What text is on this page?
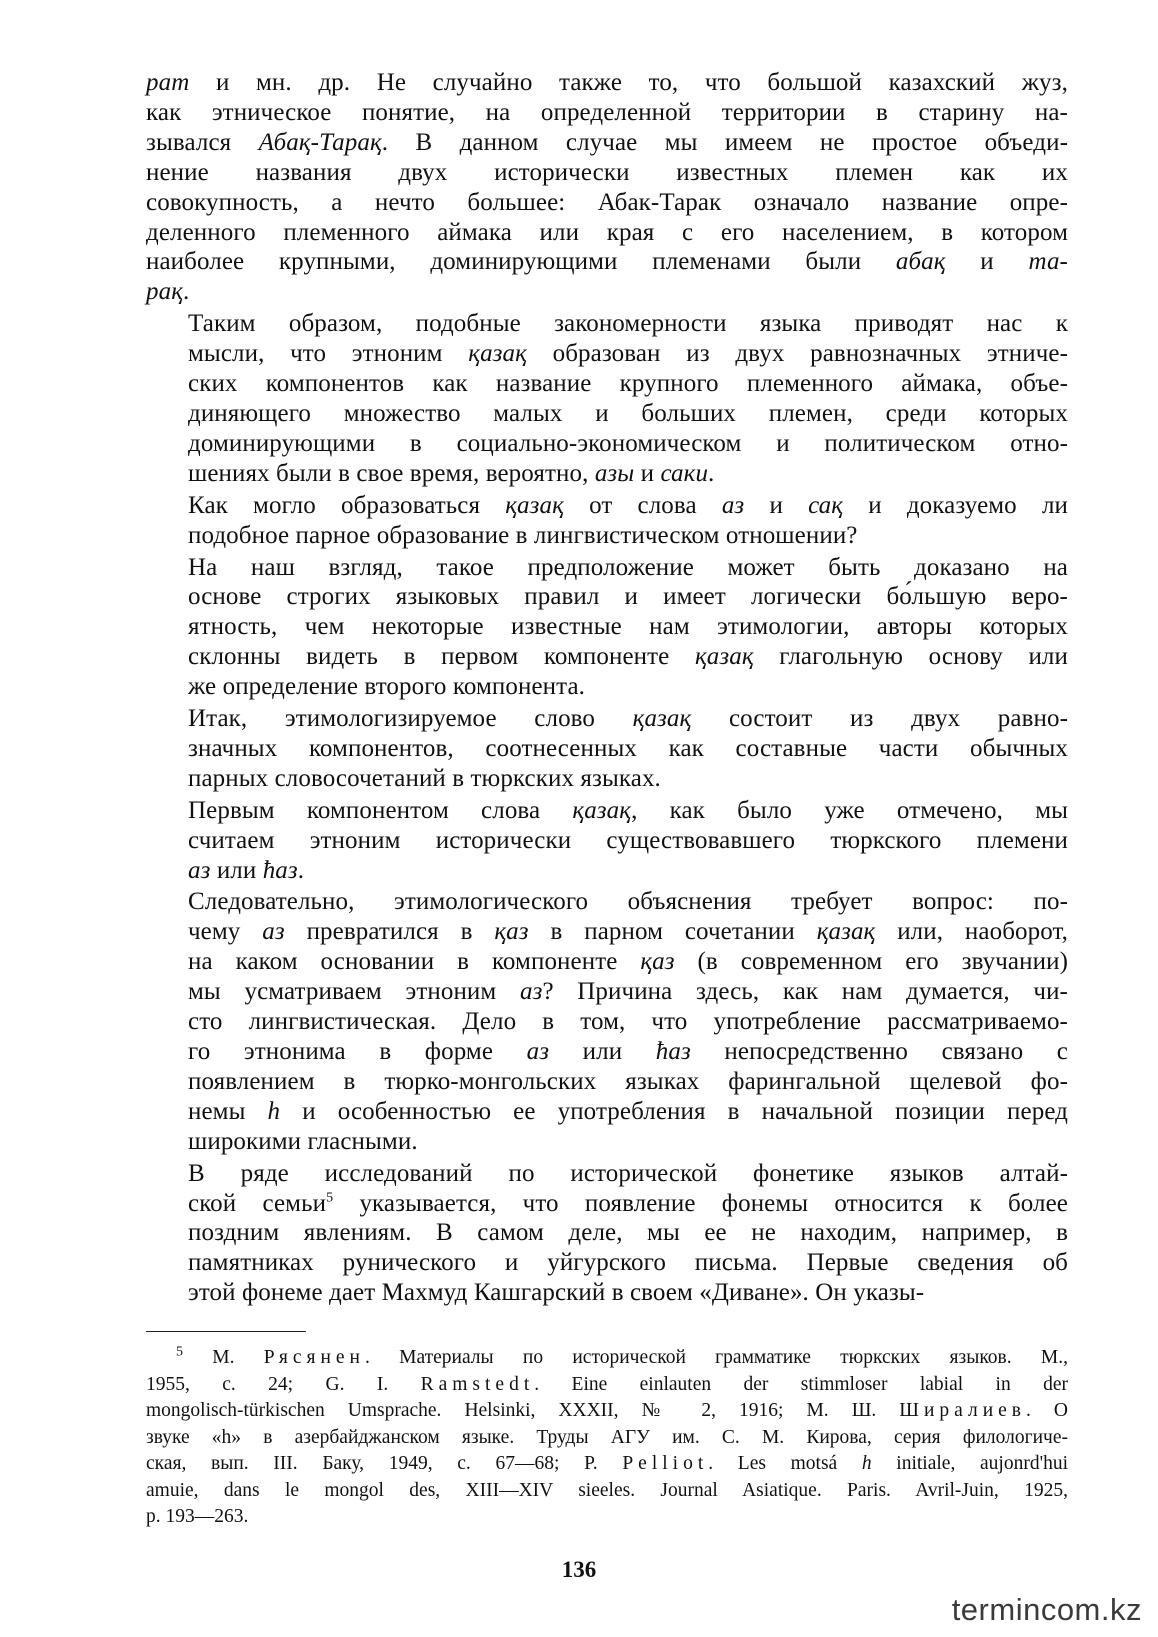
рат и мн. др. Не случайно также то, что большой казахский жуз,
как этническое понятие, на определенной территории в старину на-
зывался Абақ-Тарақ. В данном случае мы имеем не простое объеди-
нение названия двух исторически известных племен как их
совокупность, а нечто большее: Абак-Тарак означало название опре-
деленного племенного аймака или края с его населением, в котором
наиболее крупными, доминирующими племенами были абақ и та-
рақ.

Таким образом, подобные закономерности языка приводят нас к
мысли, что этноним қазақ образован из двух равнозначных этниче-
ских компонентов как название крупного племенного аймака, объе-
диняющего множество малых и больших племен, среди которых
доминирующими в социально-экономическом и политическом отно-
шениях были в свое время, вероятно, азы и саки.

Как могло образоваться қазақ от слова аз и сақ и доказуемо ли
подобное парное образование в лингвистическом отношении?

На наш взгляд, такое предположение может быть доказано на
основе строгих языковых правил и имеет логически бо́льшую веро-
ятность, чем некоторые известные нам этимологии, авторы которых
склонны видеть в первом компоненте қазақ глагольную основу или
же определение второго компонента.

Итак, этимологизируемое слово қазақ состоит из двух равно-
значных компонентов, соотнесенных как составные части обычных
парных словосочетаний в тюркских языках.

Первым компонентом слова қазақ, как было уже отмечено, мы
считаем этноним исторически существовавшего тюркского племени
аз или ħаз.

Следовательно, этимологического объяснения требует вопрос: по-
чему аз превратился в қаз в парном сочетании қазақ или, наоборот,
на каком основании в компоненте қаз (в современном его звучании)
мы усматриваем этноним аз? Причина здесь, как нам думается, чи-
сто лингвистическая. Дело в том, что употребление рассматриваемо-
го этнонима в форме аз или ħаз непосредственно связано с
появлением в тюрко-монгольских языках фарингальной щелевой фо-
немы h и особенностью ее употребления в начальной позиции перед
широкими гласными.

В ряде исследований по исторической фонетике языков алтай-
ской семьи$^5$ указывается, что появление фонемы относится к более
поздним явлениям. В самом деле, мы ее не находим, например, в
памятниках рунического и уйгурского письма. Первые сведения об
этой фонеме дает Махмуд Кашгарский в своем «Диване». Он указы-

$^5$ М. Рясянен. Материалы по исторической грамматике тюркских языков. М.,
1955, с. 24; G. I. Ramstedt. Eine einlauten der stimmloser labial in der
mongolisch-türkischen Umsprache. Helsinki, XXXII, № 2, 1916; М. Ш. Ширалиев. О
звуке «h» в азербайджанском языке. Труды АГУ им. С. М. Кирова, серия филологиче-
ская, вып. III. Баку, 1949, с. 67—68; P. Pelliot. Les motsá h initiale, aujonrd'hui
amuie, dans le mongol des, XIII—XIV sieeles. Journal Asiatique. Paris. Avril-Juin, 1925,
p. 193—263.
136
termincom.kz
